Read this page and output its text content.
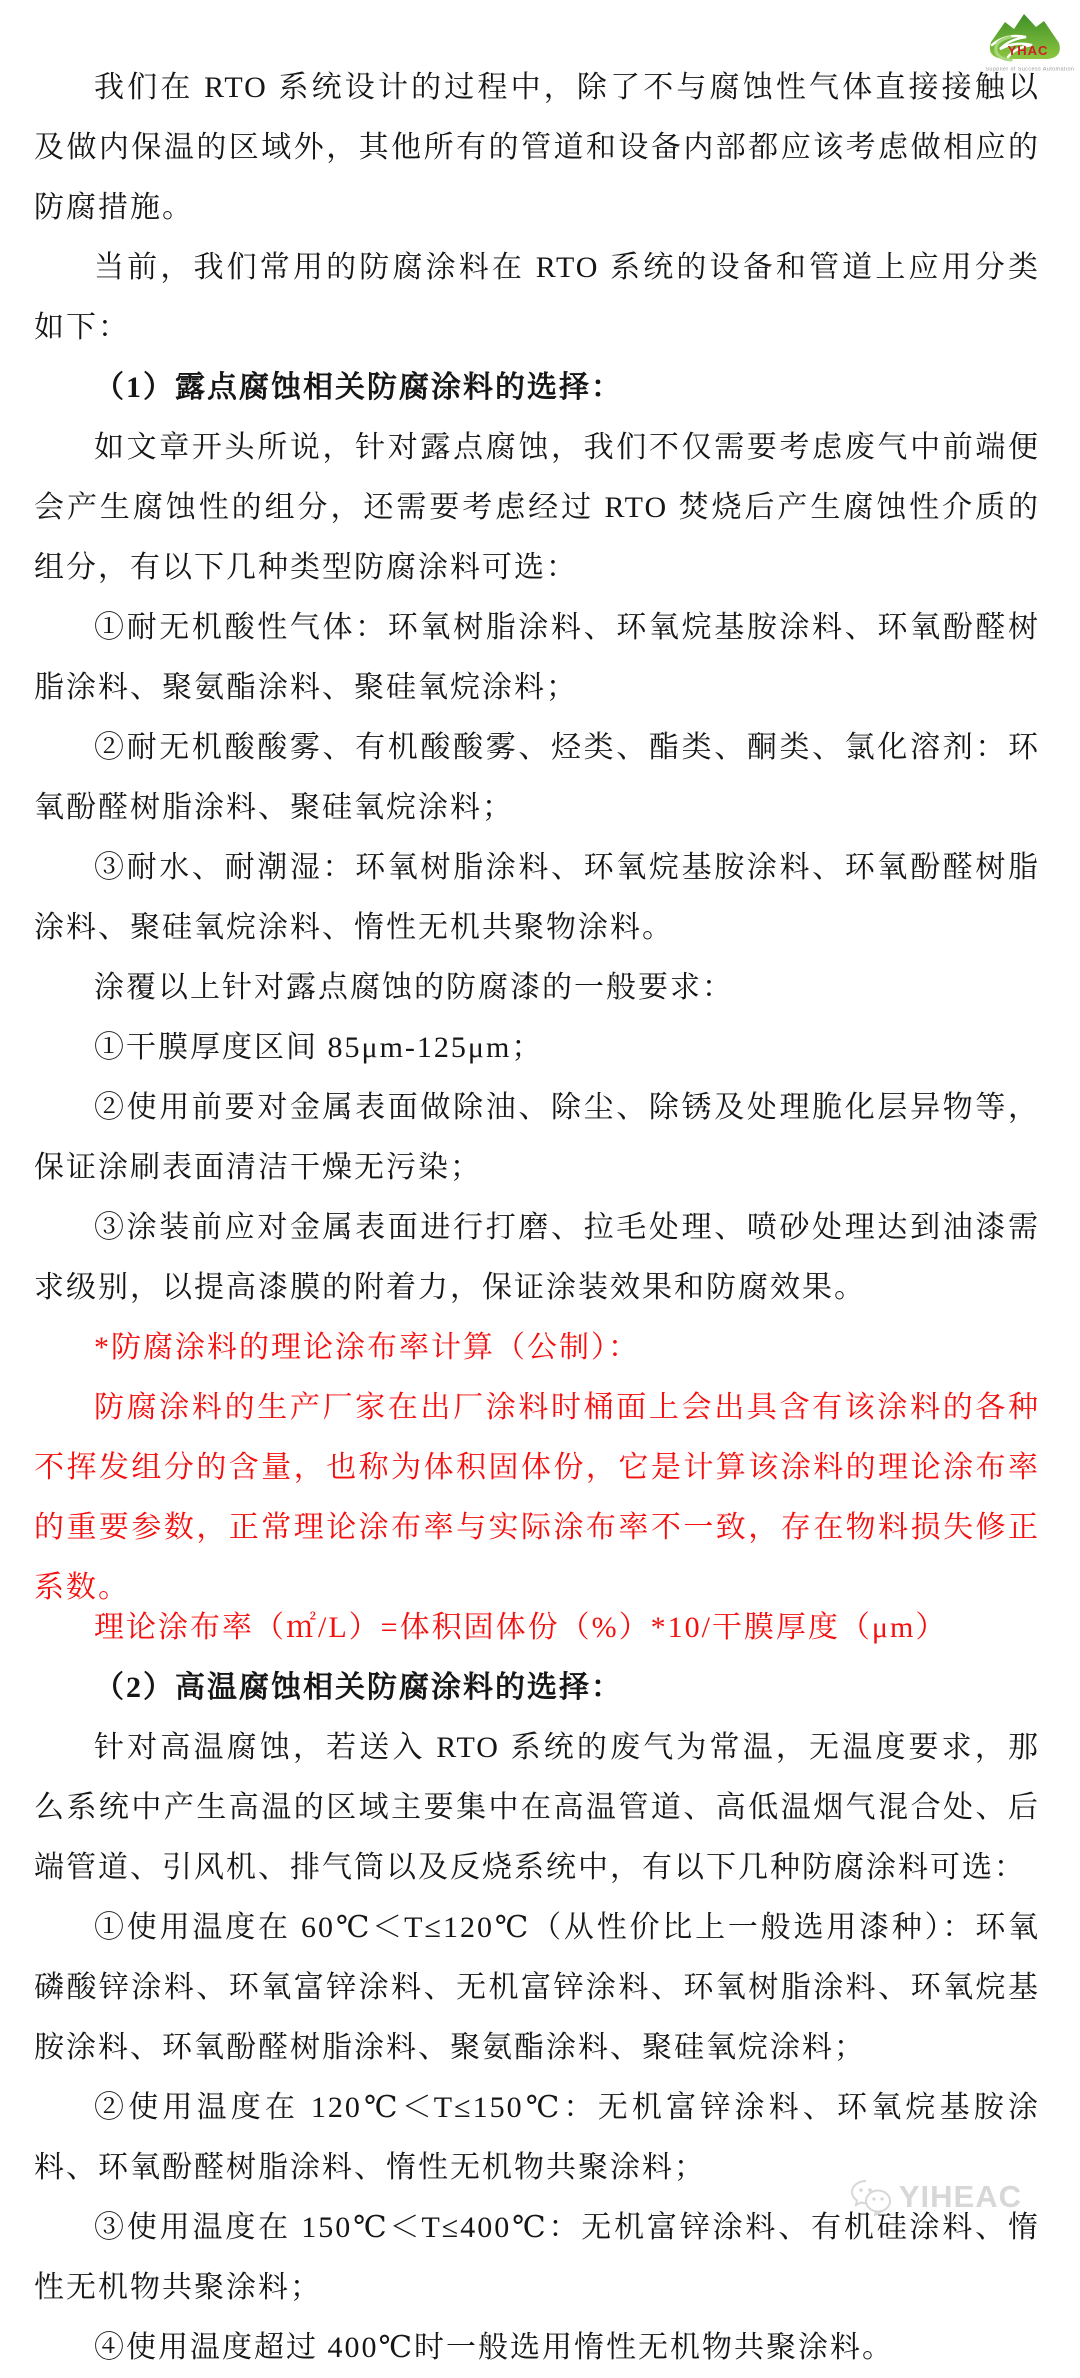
YHAC
Supplier of Success Automation

我们在 RTO 系统设计的过程中，除了不与腐蚀性气体直接接触以及做内保温的区域外，其他所有的管道和设备内部都应该考虑做相应的防腐措施。

当前，我们常用的防腐涂料在 RTO 系统的设备和管道上应用分类如下：

（1）露点腐蚀相关防腐涂料的选择：

如文章开头所说，针对露点腐蚀，我们不仅需要考虑废气中前端便会产生腐蚀性的组分，还需要考虑经过 RTO 焚烧后产生腐蚀性介质的组分，有以下几种类型防腐涂料可选：

①耐无机酸性气体：环氧树脂涂料、环氧烷基胺涂料、环氧酚醛树脂涂料、聚氨酯涂料、聚硅氧烷涂料；

②耐无机酸酸雾、有机酸酸雾、烃类、酯类、酮类、氯化溶剂：环氧酚醛树脂涂料、聚硅氧烷涂料；

③耐水、耐潮湿：环氧树脂涂料、环氧烷基胺涂料、环氧酚醛树脂涂料、聚硅氧烷涂料、惰性无机共聚物涂料。

涂覆以上针对露点腐蚀的防腐漆的一般要求：

①干膜厚度区间 85μm-125μm；

②使用前要对金属表面做除油、除尘、除锈及处理脆化层异物等，保证涂刷表面清洁干燥无污染；

③涂装前应对金属表面进行打磨、拉毛处理、喷砂处理达到油漆需求级别，以提高漆膜的附着力，保证涂装效果和防腐效果。

*防腐涂料的理论涂布率计算（公制）：

防腐涂料的生产厂家在出厂涂料时桶面上会出具含有该涂料的各种不挥发组分的含量，也称为体积固体份，它是计算该涂料的理论涂布率的重要参数，正常理论涂布率与实际涂布率不一致，存在物料损失修正系数。

理论涂布率（㎡/L）=体积固体份（%）*10/干膜厚度（μm）

（2）高温腐蚀相关防腐涂料的选择：

针对高温腐蚀，若送入 RTO 系统的废气为常温，无温度要求，那么系统中产生高温的区域主要集中在高温管道、高低温烟气混合处、后端管道、引风机、排气筒以及反烧系统中，有以下几种防腐涂料可选：

①使用温度在 60℃＜T≤120℃（从性价比上一般选用漆种）：环氧磷酸锌涂料、环氧富锌涂料、无机富锌涂料、环氧树脂涂料、环氧烷基胺涂料、环氧酚醛树脂涂料、聚氨酯涂料、聚硅氧烷涂料；

②使用温度在 120℃＜T≤150℃：无机富锌涂料、环氧烷基胺涂料、环氧酚醛树脂涂料、惰性无机物共聚涂料；

③使用温度在 150℃＜T≤400℃：无机富锌涂料、有机硅涂料、惰性无机物共聚涂料；

④使用温度超过 400℃时一般选用惰性无机物共聚涂料。

YIHEAC
